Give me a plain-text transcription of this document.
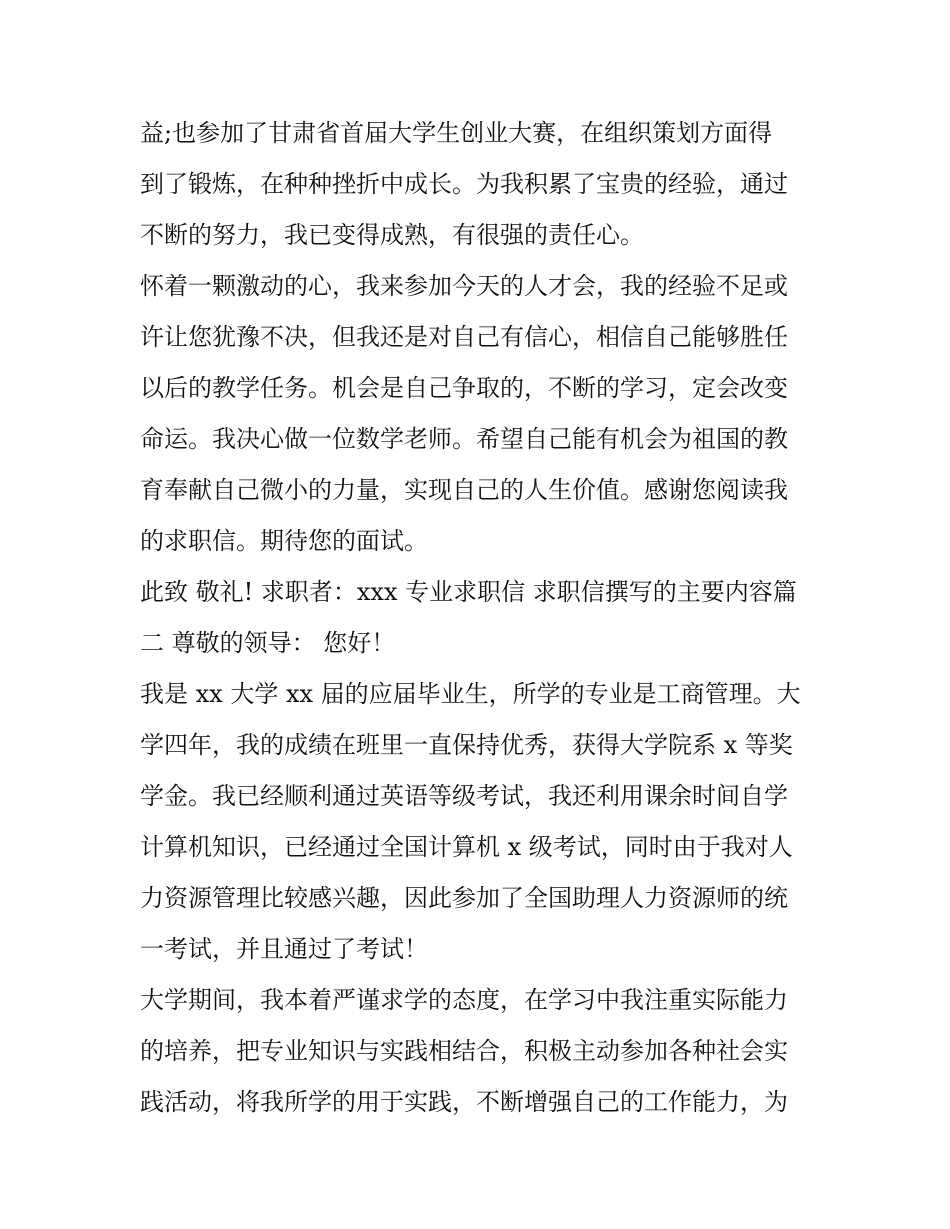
益;也参加了甘肃省首届大学生创业大赛，在组织策划方面得
到了锻炼，在种种挫折中成长。为我积累了宝贵的经验，通过
不断的努力，我已变得成熟，有很强的责任心。
怀着一颗激动的心，我来参加今天的人才会，我的经验不足或
许让您犹豫不决，但我还是对自己有信心，相信自己能够胜任
以后的教学任务。机会是自己争取的，不断的学习，定会改变
命运。我决心做一位数学老师。希望自己能有机会为祖国的教
育奉献自己微小的力量，实现自己的人生价值。感谢您阅读我
的求职信。期待您的面试。
此致 敬礼! 求职者：xxx 专业求职信 求职信撰写的主要内容篇
二 尊敬的领导： 您好！
我是 xx 大学 xx 届的应届毕业生，所学的专业是工商管理。大
学四年，我的成绩在班里一直保持优秀，获得大学院系 x 等奖
学金。我已经顺利通过英语等级考试，我还利用课余时间自学
计算机知识，已经通过全国计算机 x 级考试，同时由于我对人
力资源管理比较感兴趣，因此参加了全国助理人力资源师的统
一考试，并且通过了考试！
大学期间，我本着严谨求学的态度，在学习中我注重实际能力
的培养，把专业知识与实践相结合，积极主动参加各种社会实
践活动，将我所学的用于实践，不断增强自己的工作能力，为
